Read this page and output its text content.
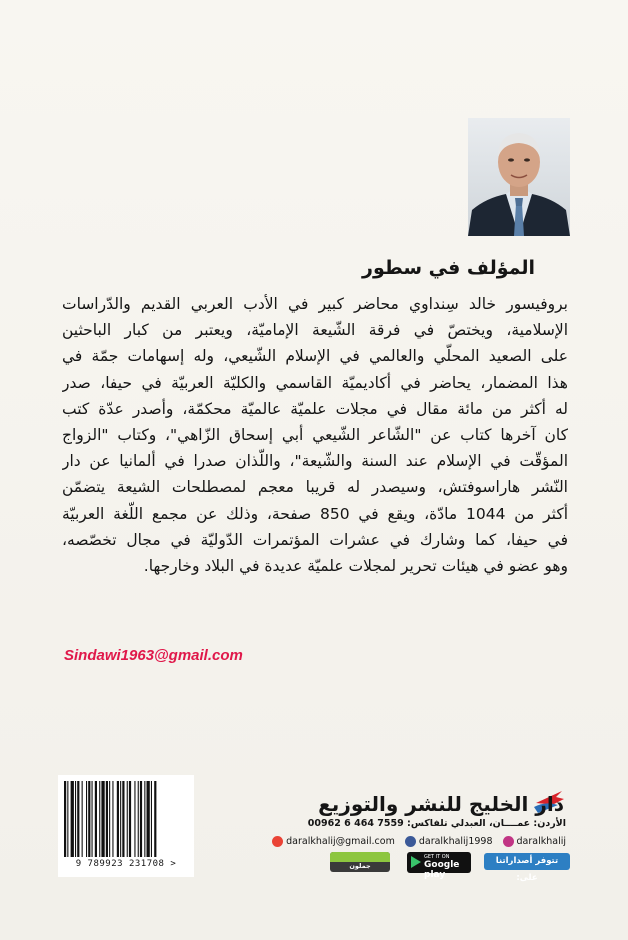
المؤلف في سطور
بروفيسور خالد سِنداوي محاضر كبير في الأدب العربي القديم والدّراسات
الإسلامية، ويختصّ في فرقة الشّيعة الإماميّة، ويعتبر من كبار الباحثين
على الصعيد المحلّي والعالمي في الإسلام الشّيعي، وله إسهامات جمّة في
هذا المضمار، يحاضر في أكاديميّة القاسمي والكليّة العربيّة في حيفا، صدر
له أكثر من مائة مقال في مجلات علميّة عالميّة محكمّة، وأصدر عدّة كتب
كان آخرها كتاب عن "الشّاعر الشّيعي أبي إسحاق الزّاهي"، وكتاب "الزواج
المؤقّت في الإسلام عند السنة والشّيعة"، واللّذان صدرا في ألمانيا عن دار
النّشر هاراسوفتش، وسيصدر له قريبا معجم لمصطلحات الشيعة يتضمّن
أكثر من 1044 مادّة، ويقع في 850 صفحة، وذلك عن مجمع اللّغة العربيّة
في حيفا، كما وشارك في عشرات المؤتمرات الدّوليّة في مجال تخصّصه،
وهو عضو في هيئات تحرير لمجلات علميّة عديدة في البلاد وخارجها.
Sindawi1963@gmail.com
9 789923 231708 >
دار الخليج للنشر والتوزيع
الأردن: عمــــان، العبدلي تلفاكس: 7559 464 6 00962
daralkhalij
daralkhalij1998
daralkhalij@gmail.com
تتوفر أصداراتنا على:
GET IT ON
Google play
جملون
